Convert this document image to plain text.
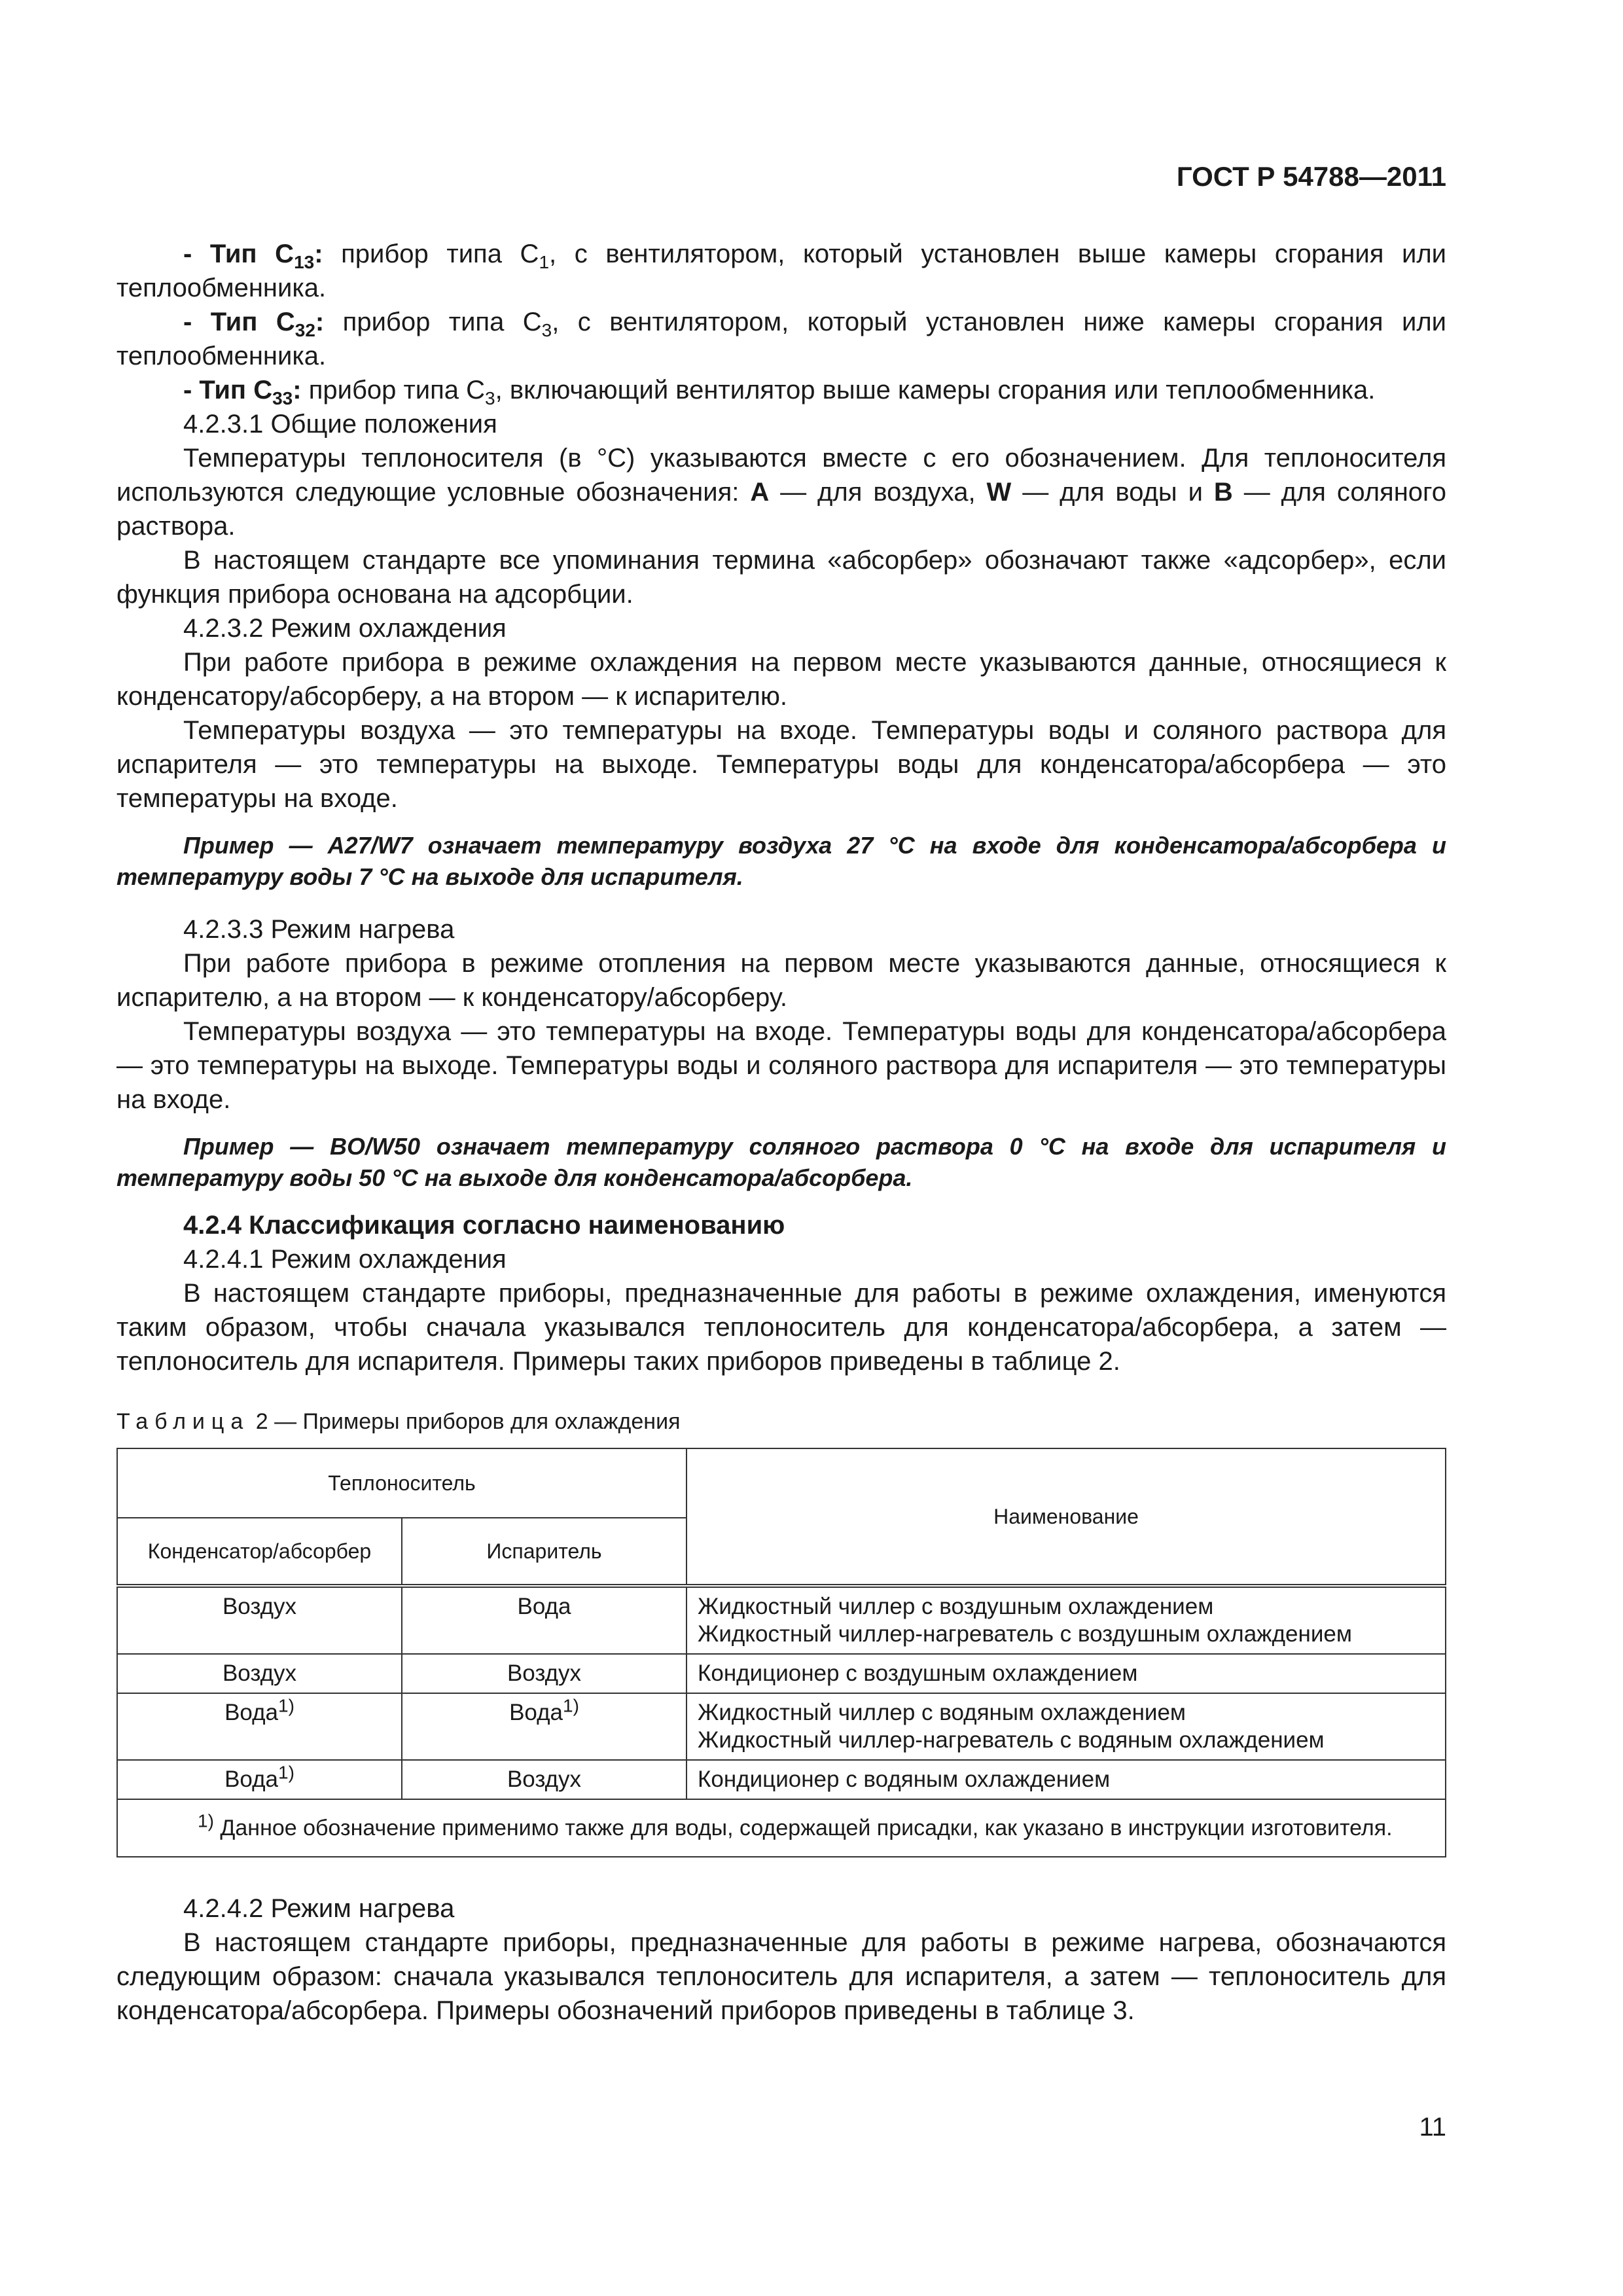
ГОСТ Р 54788—2011

- Тип $С_{13}$: прибор типа $С_1$, с вентилятором, который установлен выше камеры сгорания или теплообменника.

- Тип $С_{32}$: прибор типа $С_3$, с вентилятором, который установлен ниже камеры сгорания или теплообменника.

- Тип $С_{33}$: прибор типа $С_3$, включающий вентилятор выше камеры сгорания или теплообменника.

4.2.3.1 Общие положения

Температуры теплоносителя (в °C) указываются вместе с его обозначением. Для теплоносителя используются следующие условные обозначения: A — для воздуха, W — для воды и B — для соляного раствора.

В настоящем стандарте все упоминания термина «абсорбер» обозначают также «адсорбер», если функция прибора основана на адсорбции.

4.2.3.2 Режим охлаждения

При работе прибора в режиме охлаждения на первом месте указываются данные, относящиеся к конденсатору/абсорберу, а на втором — к испарителю.

Температуры воздуха — это температуры на входе. Температуры воды и соляного раствора для испарителя — это температуры на выходе. Температуры воды для конденсатора/абсорбера — это температуры на входе.

Пример — A27/W7 означает температуру воздуха 27 °C на входе для конденсатора/абсорбера и температуру воды 7 °C на выходе для испарителя.

4.2.3.3 Режим нагрева

При работе прибора в режиме отопления на первом месте указываются данные, относящиеся к испарителю, а на втором — к конденсатору/абсорберу.

Температуры воздуха — это температуры на входе. Температуры воды для конденсатора/абсорбера — это температуры на выходе. Температуры воды и соляного раствора для испарителя — это температуры на входе.

Пример — BO/W50 означает температуру соляного раствора 0 °C на входе для испарителя и температуру воды 50 °C на выходе для конденсатора/абсорбера.

4.2.4 Классификация согласно наименованию

4.2.4.1 Режим охлаждения

В настоящем стандарте приборы, предназначенные для работы в режиме охлаждения, именуются таким образом, чтобы сначала указывался теплоноситель для конденсатора/абсорбера, а затем — теплоноситель для испарителя. Примеры таких приборов приведены в таблице 2.

Таблица 2 — Примеры приборов для охлаждения
Теплоноситель		Наименование
Конденсатор/абсорбер	Испаритель	
Воздух	Вода	Жидкостный чиллер с воздушным охлаждением
Жидкостный чиллер-нагреватель с воздушным охлаждением

Воздух	Воздух	Кондиционер с воздушным охлаждением

Вода$^{1)}$	Вода$^{1)}$	Жидкостный чиллер с водяным охлаждением
Жидкостный чиллер-нагреватель с водяным охлаждением

Вода$^{1)}$	Воздух	Кондиционер с водяным охлаждением

$^{1)}$ Данное обозначение применимо также для воды, содержащей присадки, как указано в инструкции изготовителя.		

4.2.4.2 Режим нагрева

В настоящем стандарте приборы, предназначенные для работы в режиме нагрева, обозначаются следующим образом: сначала указывался теплоноситель для испарителя, а затем — теплоноситель для конденсатора/абсорбера. Примеры обозначений приборов приведены в таблице 3.

11
